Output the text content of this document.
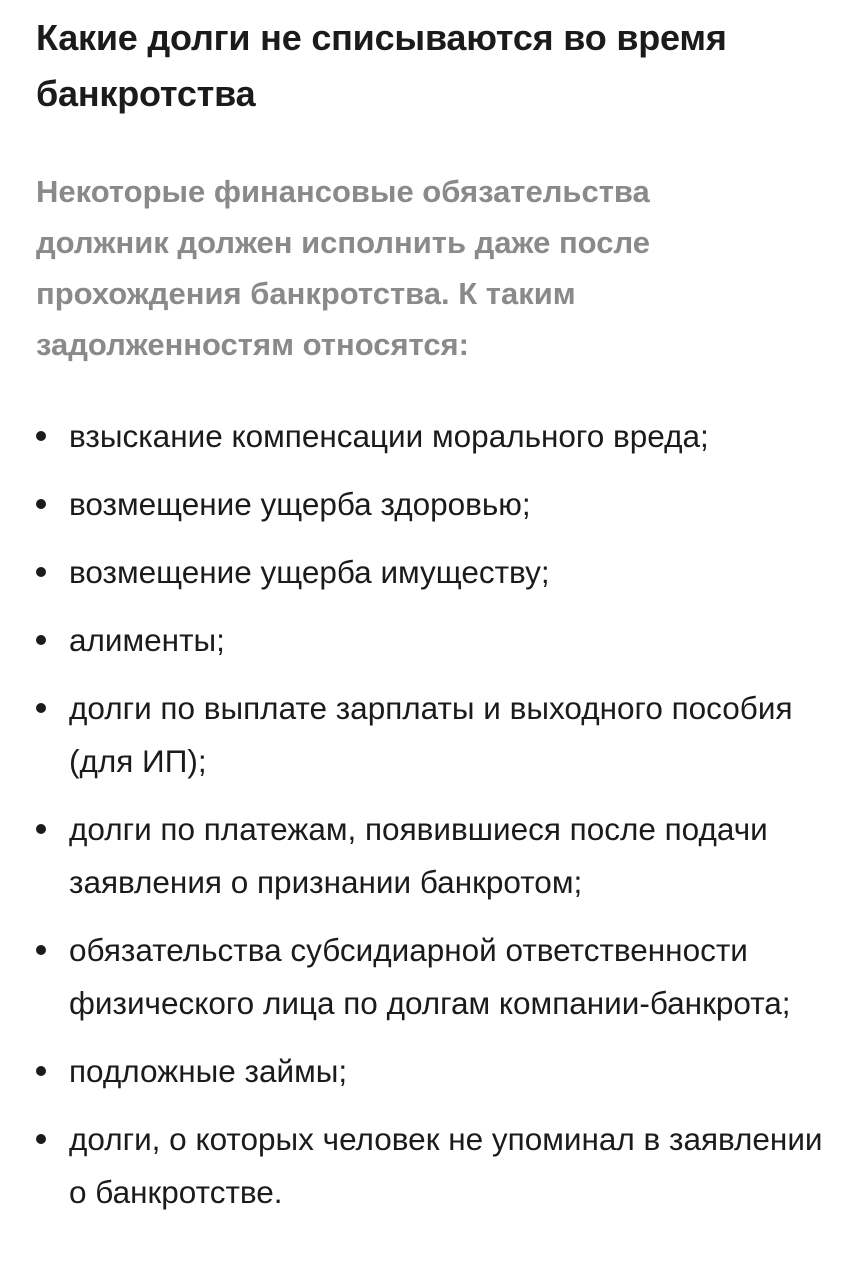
Какие долги не списываются во время банкротства

Некоторые финансовые обязательства должник должен исполнить даже после прохождения банкротства. К таким задолженностям относятся:

взыскание компенсации морального вреда;
возмещение ущерба здоровью;
возмещение ущерба имуществу;
алименты;
долги по выплате зарплаты и выходного пособия (для ИП);
долги по платежам, появившиеся после подачи заявления о признании банкротом;
обязательства субсидиарной ответственности физического лица по долгам компании-банкрота;
подложные займы;
долги, о которых человек не упоминал в заявлении о банкротстве.
